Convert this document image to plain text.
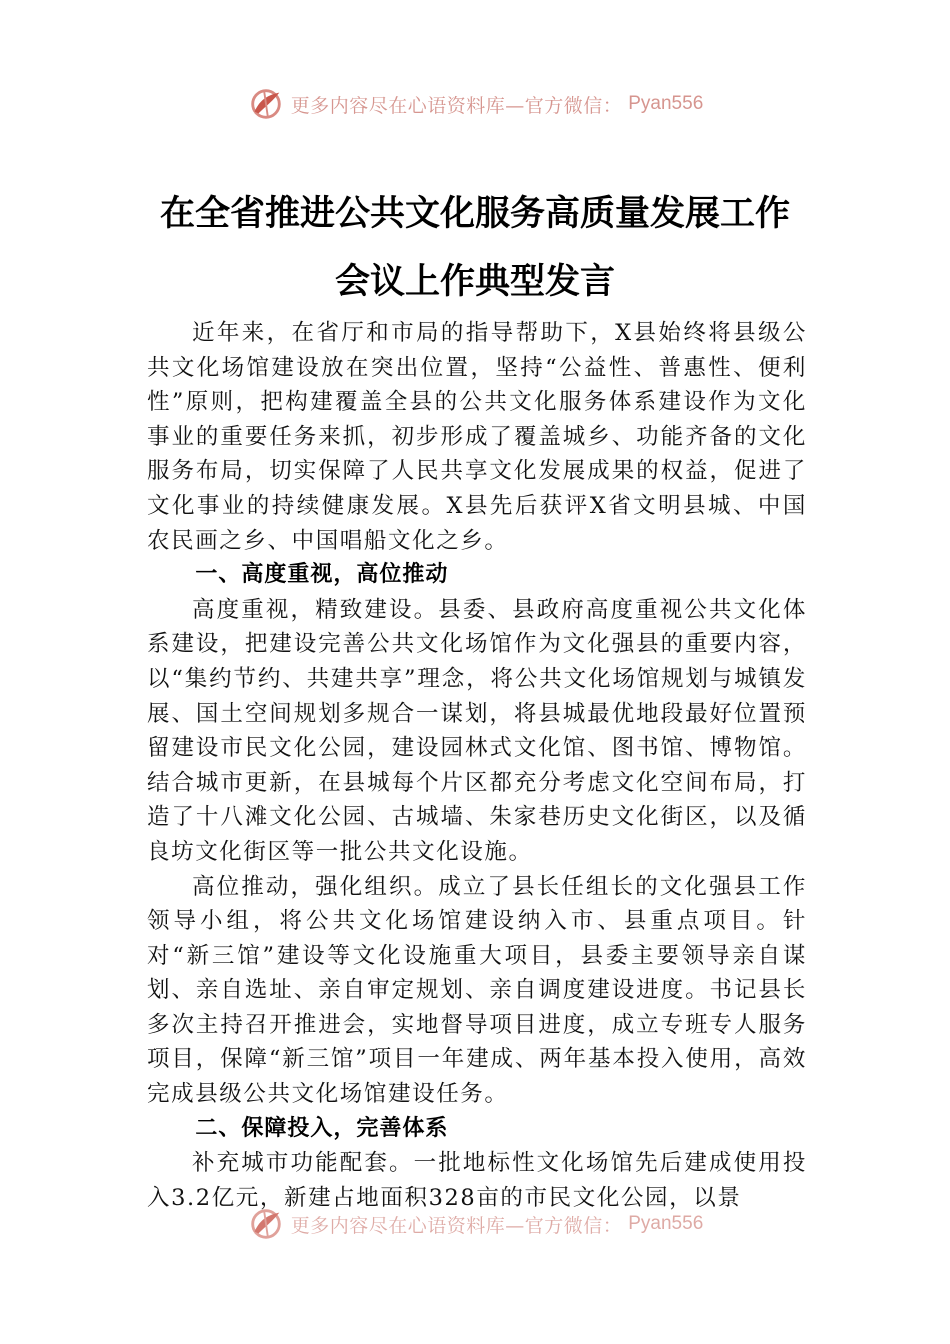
更多内容尽在心语资料库—官方微信： Pyan556
在全省推进公共文化服务高质量发展工作
会议上作典型发言

近年来，在省厅和市局的指导帮助下，X县始终将县级公共文化场馆建设放在突出位置，坚持“公益性、普惠性、便利性”原则，把构建覆盖全县的公共文化服务体系建设作为文化事业的重要任务来抓，初步形成了覆盖城乡、功能齐备的文化服务布局，切实保障了人民共享文化发展成果的权益，促进了文化事业的持续健康发展。X县先后获评X省文明县城、中国农民画之乡、中国唱船文化之乡。

一、高度重视，高位推动

高度重视，精致建设。县委、县政府高度重视公共文化体系建设，把建设完善公共文化场馆作为文化强县的重要内容，以“集约节约、共建共享”理念，将公共文化场馆规划与城镇发展、国土空间规划多规合一谋划，将县城最优地段最好位置预留建设市民文化公园，建设园林式文化馆、图书馆、博物馆。结合城市更新，在县城每个片区都充分考虑文化空间布局，打造了十八滩文化公园、古城墙、朱家巷历史文化街区，以及循良坊文化街区等一批公共文化设施。

高位推动，强化组织。成立了县长任组长的文化强县工作领导小组，将公共文化场馆建设纳入市、县重点项目。针对“新三馆”建设等文化设施重大项目，县委主要领导亲自谋划、亲自选址、亲自审定规划、亲自调度建设进度。书记县长多次主持召开推进会，实地督导项目进度，成立专班专人服务项目，保障“新三馆”项目一年建成、两年基本投入使用，高效完成县级公共文化场馆建设任务。

二、保障投入，完善体系

补充城市功能配套。一批地标性文化场馆先后建成使用投入3.2亿元，新建占地面积328亩的市民文化公园，以景

更多内容尽在心语资料库—官方微信： Pyan556
